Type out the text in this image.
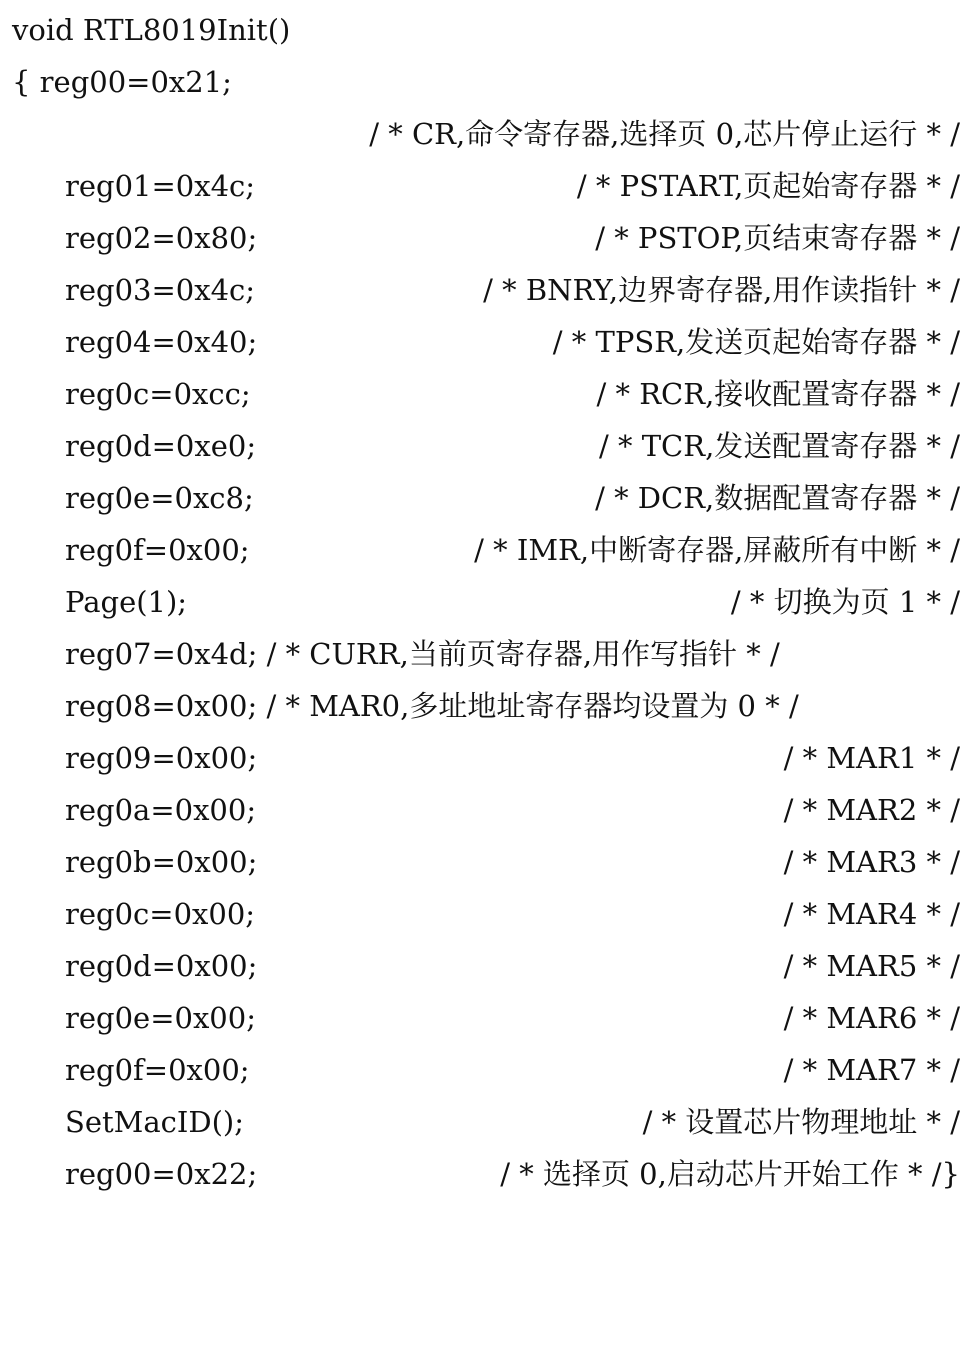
void RTL8019Init()

{ reg00=0x21;

/ * CR,命令寄存器,选择页 0,芯片停止运行 * /

reg01=0x4c;

	/ * PSTART,页起始寄存器 * /

reg02=0x80;

	/ * PSTOP,页结束寄存器 * /

reg03=0x4c;

	/ * BNRY,边界寄存器,用作读指针 * /

reg04=0x40;

	/ * TPSR,发送页起始寄存器 * /

reg0c=0xcc;

	/ * RCR,接收配置寄存器 * /

reg0d=0xe0;

	/ * TCR,发送配置寄存器 * /

reg0e=0xc8;

	/ * DCR,数据配置寄存器 * /

reg0f=0x00;

	/ * IMR,中断寄存器,屏蔽所有中断 * /

Page(1);

	/ * 切换为页 1 * /

reg07=0x4d; / * CURR,当前页寄存器,用作写指针 * /

reg08=0x00; / * MAR0,多址地址寄存器均设置为 0 * /

reg09=0x00;

	/ * MAR1 * /

reg0a=0x00;

	/ * MAR2 * /

reg0b=0x00;

	/ * MAR3 * /

reg0c=0x00;

	/ * MAR4 * /

reg0d=0x00;

	/ * MAR5 * /

reg0e=0x00;

	/ * MAR6 * /

reg0f=0x00;

	/ * MAR7 * /

SetMacID();

	/ * 设置芯片物理地址 * /

reg00=0x22;

	/ * 选择页 0,启动芯片开始工作 * /}
